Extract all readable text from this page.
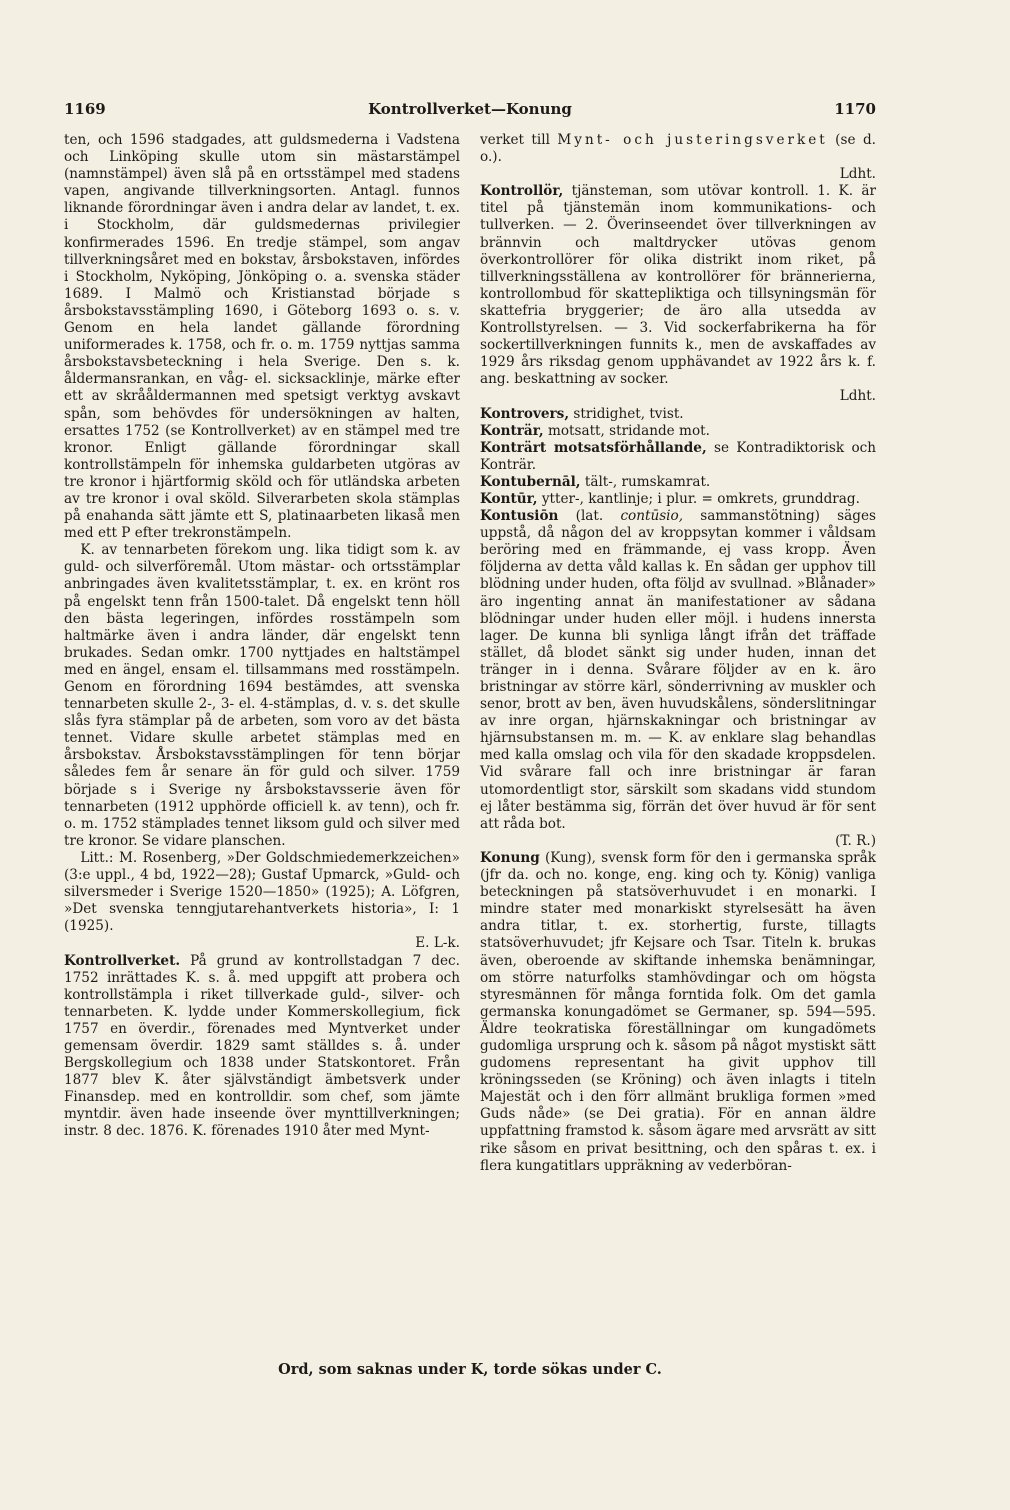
1169	Kontrollverket—Konung	1170

ten, och 1596 stadgades, att guldsmederna i Vadstena och Linköping skulle utom sin mästarstämpel (namnstämpel) även slå på en ortsstämpel med stadens vapen, angivande tillverkningsorten. Antagl. funnos liknande förordningar även i andra delar av landet, t. ex. i Stockholm, där guldsmedernas privilegier konfirmerades 1596. En tredje stämpel, som angav tillverkningsåret med en bokstav, årsbokstaven, infördes i Stockholm, Nyköping, Jönköping o. a. svenska städer 1689. I Malmö och Kristianstad började s årsbokstavsstämpling 1690, i Göteborg 1693 o. s. v. Genom en hela landet gällande förordning uniformerades k. 1758, och fr. o. m. 1759 nyttjas samma årsbokstavsbeteckning i hela Sverige. Den s. k. åldermansrankan, en våg- el. sicksacklinje, märke efter ett av skrååldermannen med spetsigt verktyg avskavt spån, som behövdes för undersökningen av halten, ersattes 1752 (se Kontrollverket) av en stämpel med tre kronor. Enligt gällande förordningar skall kontrollstämpeln för inhemska guldarbeten utgöras av tre kronor i hjärtformig sköld och för utländska arbeten av tre kronor i oval sköld. Silverarbeten skola stämplas på enahanda sätt jämte ett S, platinaarbeten likaså men med ett P efter trekronstämpeln.

K. av tennarbeten förekom ung. lika tidigt som k. av guld- och silverföremål. Utom mästar- och ortsstämplar anbringades även kvalitetsstämplar, t. ex. en krönt ros på engelskt tenn från 1500-talet. Då engelskt tenn höll den bästa legeringen, infördes rosstämpeln som haltmärke även i andra länder, där engelskt tenn brukades. Sedan omkr. 1700 nyttjades en haltstämpel med en ängel, ensam el. tillsammans med rosstämpeln. Genom en förordning 1694 bestämdes, att svenska tennarbeten skulle 2-, 3- el. 4-stämplas, d. v. s. det skulle slås fyra stämplar på de arbeten, som voro av det bästa tennet. Vidare skulle arbetet stämplas med en årsbokstav. Årsbokstavsstämplingen för tenn börjar således fem år senare än för guld och silver. 1759 började s i Sverige ny årsbokstavsserie även för tennarbeten (1912 upphörde officiell k. av tenn), och fr. o. m. 1752 stämplades tennet liksom guld och silver med tre kronor. Se vidare planschen.

Litt.: M. Rosenberg, »Der Goldschmiedemerkzeichen» (3:e uppl., 4 bd, 1922—28); Gustaf Upmarck, »Guld- och silversmeder i Sverige 1520—1850» (1925); A. Löfgren, »Det svenska tenngjutarehantverkets historia», I: 1 (1925).
E. L-k.

Kontrollverket. På grund av kontrollstadgan 7 dec. 1752 inrättades K. s. å. med uppgift att probera och kontrollstämpla i riket tillverkade guld-, silver- och tennarbeten. K. lydde under Kommerskollegium, fick 1757 en överdir., förenades med Myntverket under gemensam överdir. 1829 samt ställdes s. å. under Bergskollegium och 1838 under Statskontoret. Från 1877 blev K. åter självständigt ämbetsverk under Finansdep. med en kontrolldir. som chef, som jämte myntdir. även hade inseende över mynttillverkningen; instr. 8 dec. 1876. K. förenades 1910 åter med Mynt-

verket till Mynt- och justeringsverket (se d. o.).
Ldht.

Kontrollör, tjänsteman, som utövar kontroll. 1. K. är titel på tjänstemän inom kommunikations- och tullverken. — 2. Överinseendet över tillverkningen av brännvin och maltdrycker utövas genom överkontrollörer för olika distrikt inom riket, på tillverkningsställena av kontrollörer för brännerierna, kontrollombud för skattepliktiga och tillsyningsmän för skattefria bryggerier; de äro alla utsedda av Kontrollstyrelsen. — 3. Vid sockerfabrikerna ha för sockertillverkningen funnits k., men de avskaffades av 1929 års riksdag genom upphävandet av 1922 års k. f. ang. beskattning av socker.
Ldht.

Kontrovers, stridighet, tvist.

Konträr, motsatt, stridande mot.

Konträrt motsatsförhållande, se Kontradiktorisk och Konträr.

Kontubernāl, tält-, rumskamrat.

Kontūr, ytter-, kantlinje; i plur. = omkrets, grunddrag.

Kontusiōn (lat. contūsio, sammanstötning) säges uppstå, då någon del av kroppsytan kommer i våldsam beröring med en främmande, ej vass kropp. Även följderna av detta våld kallas k. En sådan ger upphov till blödning under huden, ofta följd av svullnad. »Blånader» äro ingenting annat än manifestationer av sådana blödningar under huden eller möjl. i hudens innersta lager. De kunna bli synliga långt ifrån det träffade stället, då blodet sänkt sig under huden, innan det tränger in i denna. Svårare följder av en k. äro bristningar av större kärl, sönderrivning av muskler och senor, brott av ben, även huvudskålens, sönderslitningar av inre organ, hjärnskakningar och bristningar av hjärnsubstansen m. m. — K. av enklare slag behandlas med kalla omslag och vila för den skadade kroppsdelen. Vid svårare fall och inre bristningar är faran utomordentligt stor, särskilt som skadans vidd stundom ej låter bestämma sig, förrän det över huvud är för sent att råda bot.
(T. R.)

Konung (Kung), svensk form för den i germanska språk (jfr da. och no. konge, eng. king och ty. König) vanliga beteckningen på statsöverhuvudet i en monarki. I mindre stater med monarkiskt styrelsesätt ha även andra titlar, t. ex. storhertig, furste, tillagts statsöverhuvudet; jfr Kejsare och Tsar. Titeln k. brukas även, oberoende av skiftande inhemska benämningar, om större naturfolks stamhövdingar och om högsta styresmännen för många forntida folk. Om det gamla germanska konungadömet se Germaner, sp. 594—595. Äldre teokratiska föreställningar om kungadömets gudomliga ursprung och k. såsom på något mystiskt sätt gudomens representant ha givit upphov till kröningsseden (se Kröning) och även inlagts i titeln Majestät och i den förr allmänt brukliga formen »med Guds nåde» (se Dei gratia). För en annan äldre uppfattning framstod k. såsom ägare med arvsrätt av sitt rike såsom en privat besittning, och den spåras t. ex. i flera kungatitlars uppräkning av vederböran-

Ord, som saknas under K, torde sökas under C.
